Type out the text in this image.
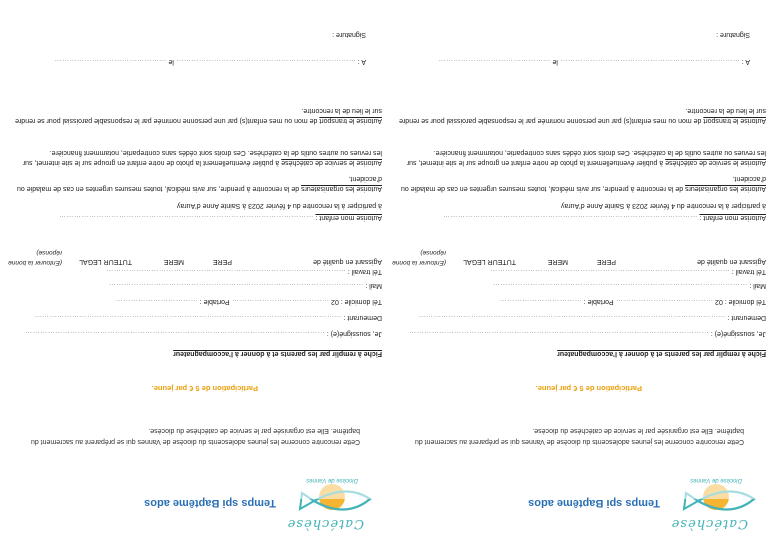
Catéchèse
Diocèse de Vannes
Temps spi Baptême ados
Cette rencontre concerne les jeunes adolescents du diocèse de Vannes qui se préparent au sacrement du baptême. Elle est organisée par le service de catéchèse du diocèse.
Participation de 5 € par jeune.
Fiche à remplir par les parents et à donner à l’accompagnateur
Je, soussigné(e) : …………………………………………………………………………………………………………
Demeurant : ……………………………………………………………………………………………………………
Tél domicile : 02 ………………………………… Portable : ……………………………
Mail : …………………………………………………………………………………………
Tél travail : ……………………………………………………………………………………
Agissant en qualité de
PERE
MERE
TUTEUR LEGAL
(Entourer la bonne réponse)
Autorise mon enfant : …………………………………………………………………………………………
à participer à la rencontre du 4 février 2023 à Sainte Anne d’Auray
Autorise les organisateurs de la rencontre à prendre, sur avis médical, toutes mesures urgentes en cas de maladie ou d’accident.
Autorise le service de catéchèse à publier éventuellement la photo de notre enfant en groupe sur le site internet, sur les revues ou autres outils de la catéchèse. Ces droits sont cédés sans contrepartie, notamment financière.
Autorise le transport de mon ou mes enfant(s) par une personne nommée par le responsable paroissial pour se rendre sur le lieu de la rencontre.
A : ……………………………………………………………… le ………………………………………
Signature :
Catéchèse
Diocèse de Vannes
Temps spi Baptême ados
Cette rencontre concerne les jeunes adolescents du diocèse de Vannes qui se préparent au sacrement du baptême. Elle est organisée par le service de catéchèse du diocèse.
Participation de 5 € par jeune.
Fiche à remplir par les parents et à donner à l’accompagnateur
Je, soussigné(e) : …………………………………………………………………………………………………………
Demeurant : ……………………………………………………………………………………………………………
Tél domicile : 02 ………………………………… Portable : ……………………………
Mail : …………………………………………………………………………………………
Tél travail : ……………………………………………………………………………………
Agissant en qualité de
PERE
MERE
TUTEUR LEGAL
(Entourer la bonne réponse)
Autorise mon enfant : …………………………………………………………………………………………
à participer à la rencontre du 4 février 2023 à Sainte Anne d’Auray
Autorise les organisateurs de la rencontre à prendre, sur avis médical, toutes mesures urgentes en cas de maladie ou d’accident.
Autorise le service de catéchèse à publier éventuellement la photo de notre enfant en groupe sur le site internet, sur les revues ou autres outils de la catéchèse. Ces droits sont cédés sans contrepartie, notamment financière.
Autorise le transport de mon ou mes enfant(s) par une personne nommée par le responsable paroissial pour se rendre sur le lieu de la rencontre.
A : ……………………………………………………………… le ………………………………………
Signature :
